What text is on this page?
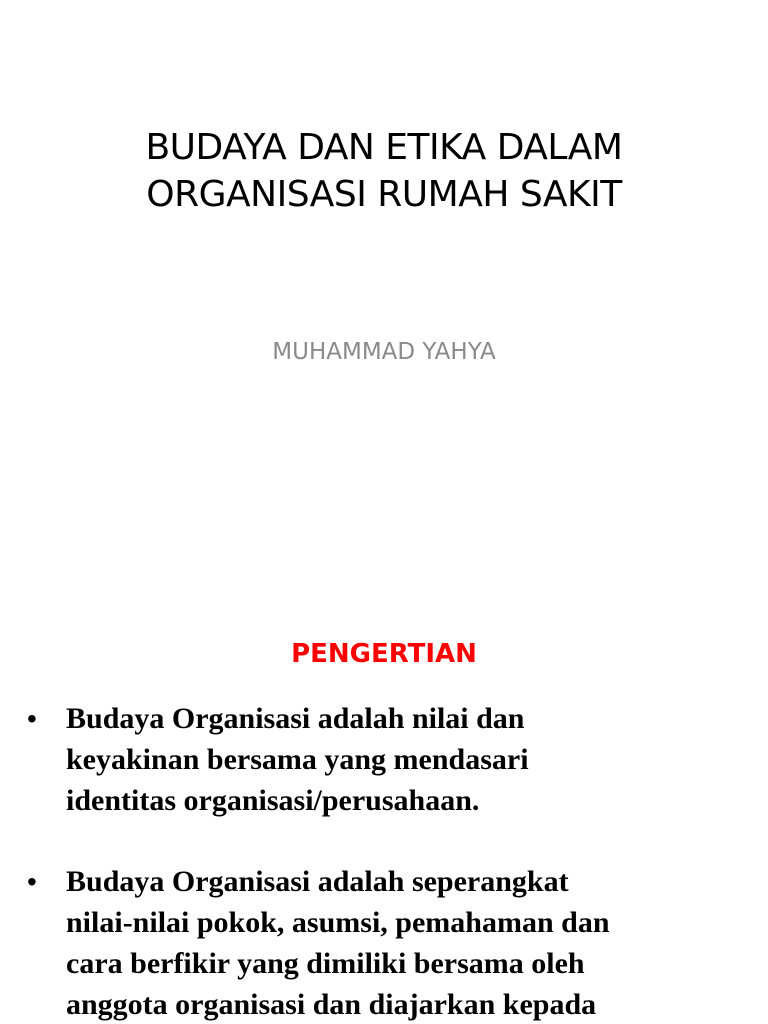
BUDAYA DAN ETIKA DALAM
ORGANISASI RUMAH SAKIT
MUHAMMAD YAHYA
PENGERTIAN
• Budaya Organisasi adalah nilai dan
keyakinan bersama yang mendasari
identitas organisasi/perusahaan.
• Budaya Organisasi adalah seperangkat
nilai-nilai pokok, asumsi, pemahaman dan
cara berfikir yang dimiliki bersama oleh
anggota organisasi dan diajarkan kepada
